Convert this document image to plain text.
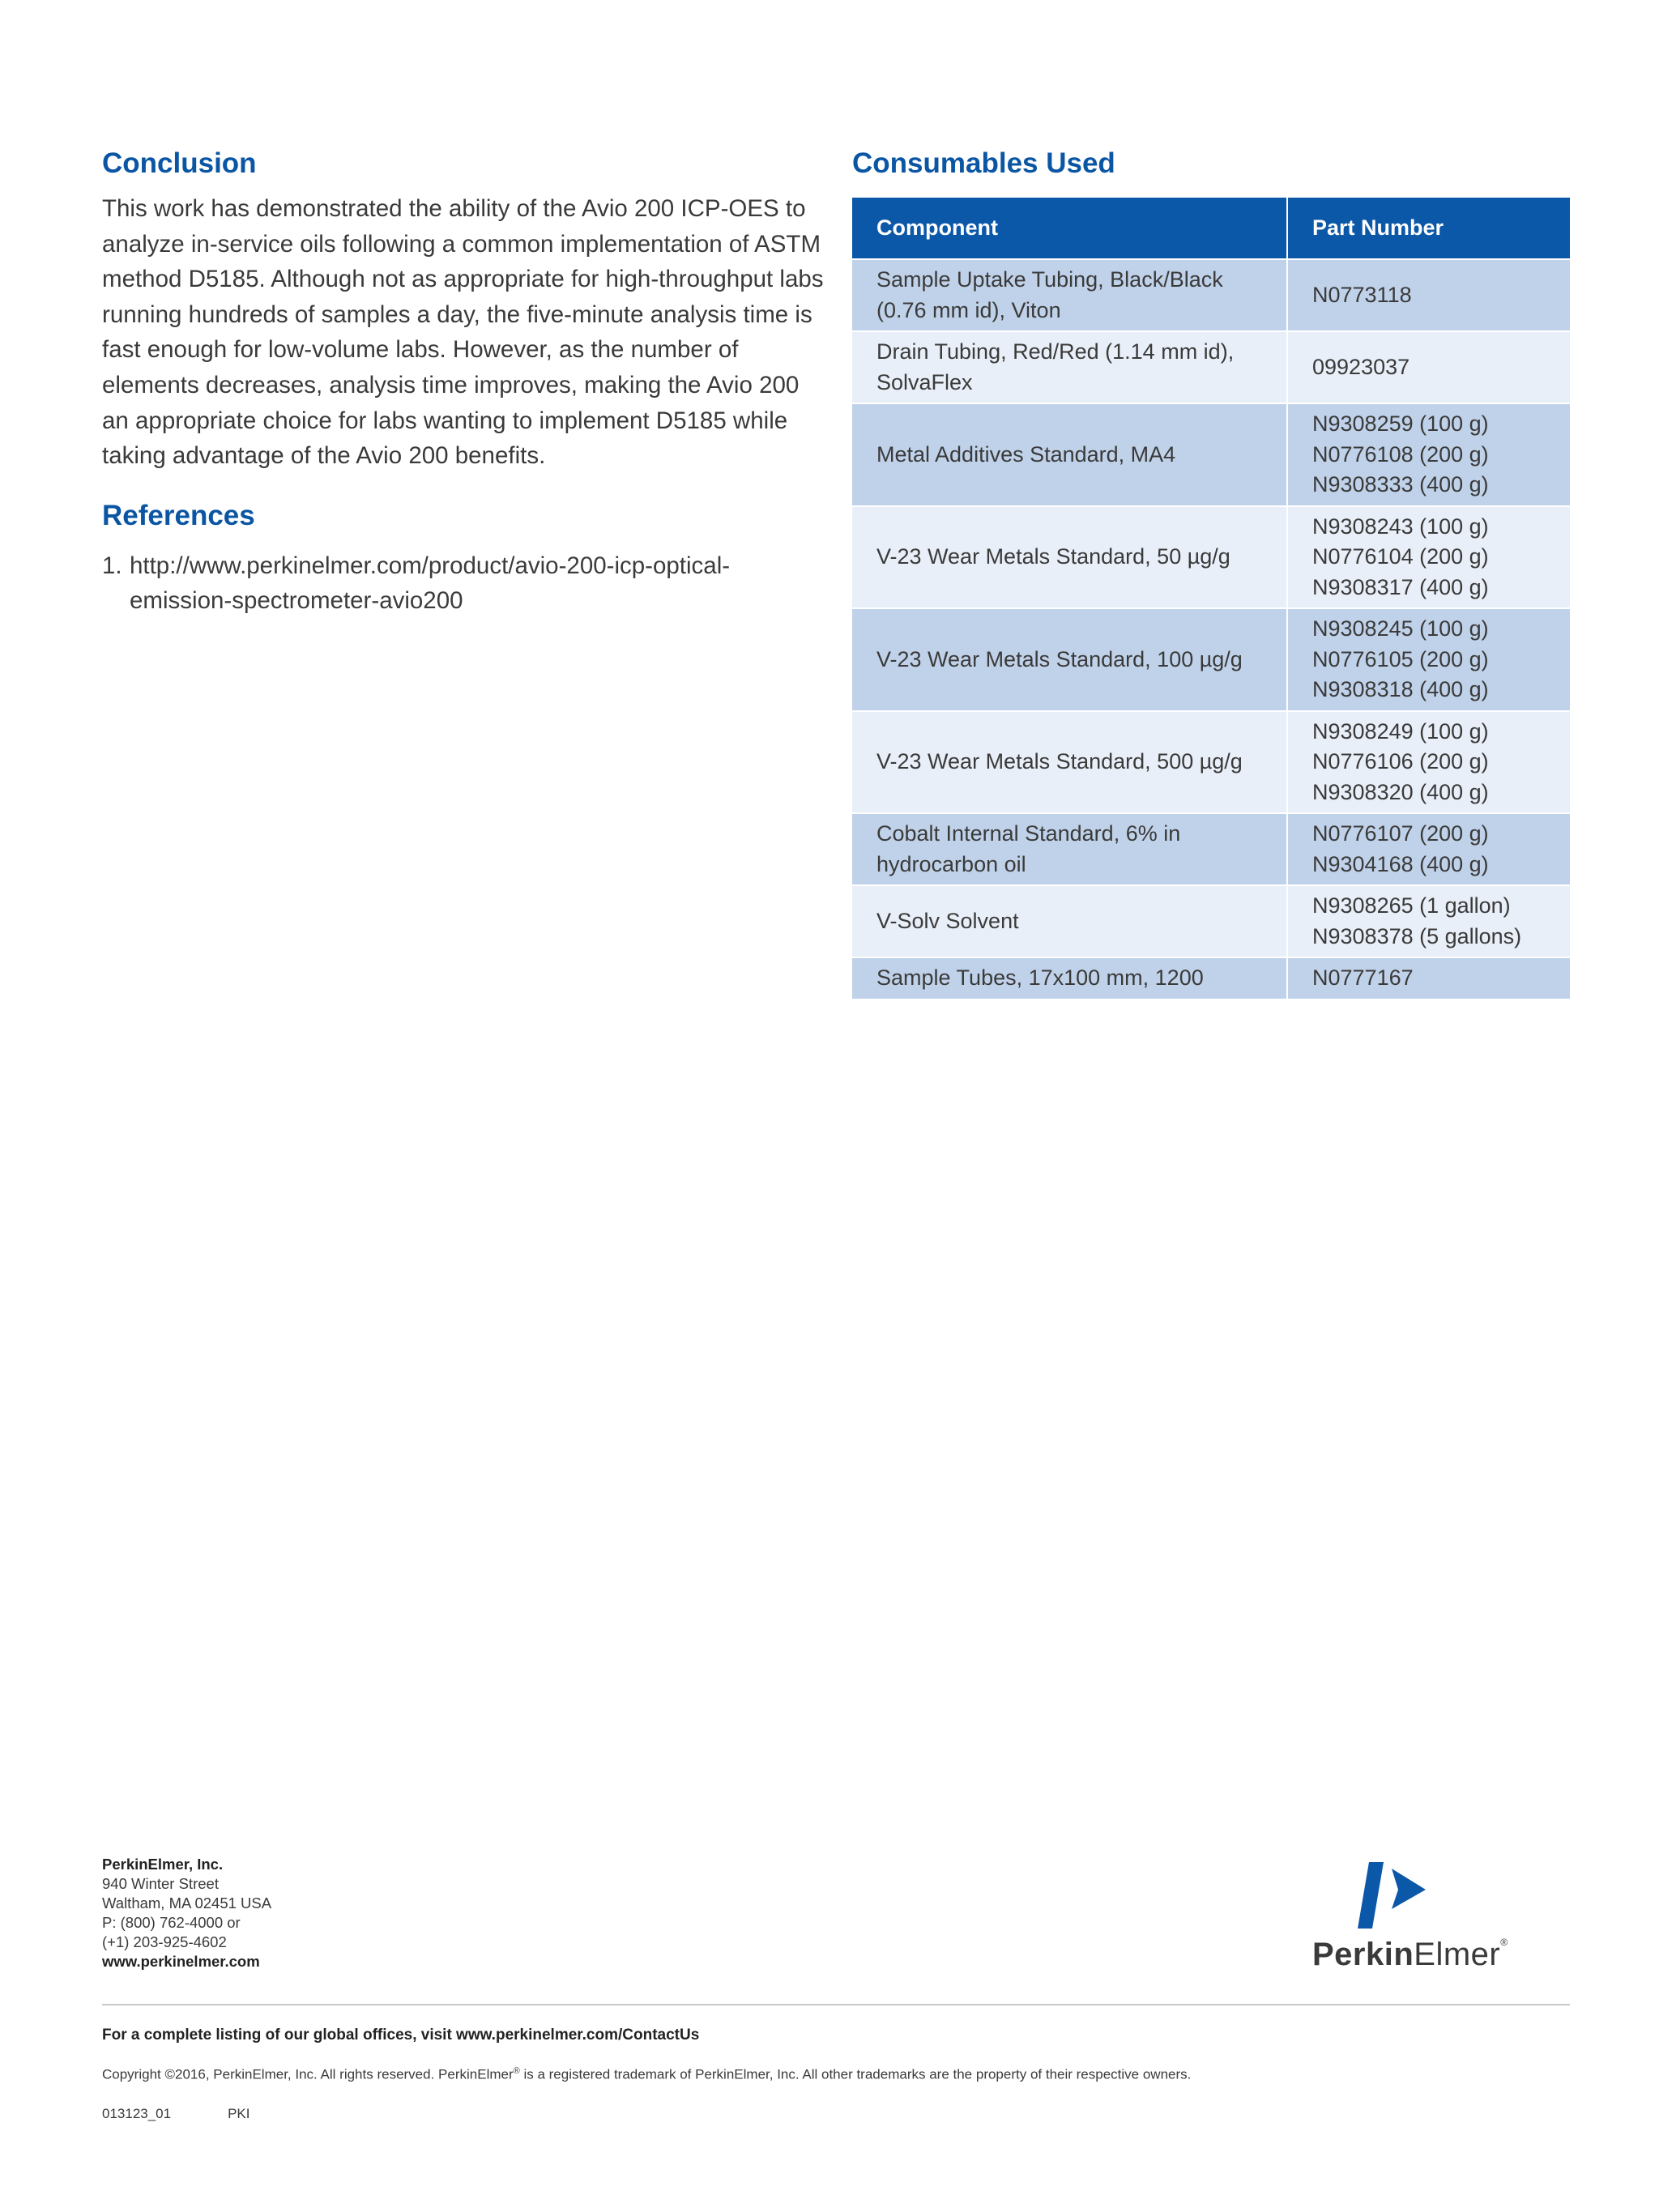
Conclusion

This work has demonstrated the ability of the Avio 200 ICP-OES to analyze in-service oils following a common implementation of ASTM method D5185. Although not as appropriate for high-throughput labs running hundreds of samples a day, the five-minute analysis time is fast enough for low-volume labs. However, as the number of elements decreases, analysis time improves, making the Avio 200 an appropriate choice for labs wanting to implement D5185 while taking advantage of the Avio 200 benefits.

References
1. http://www.perkinelmer.com/product/avio-200-icp-optical-emission-spectrometer-avio200
Consumables Used
Component	Part Number
Sample Uptake Tubing, Black/Black (0.76 mm id), Viton	N0773118

Drain Tubing, Red/Red (1.14 mm id), SolvaFlex	09923037

Metal Additives Standard, MA4	N9308259 (100 g)
N0776108 (200 g)
N9308333 (400 g)

V-23 Wear Metals Standard, 50 µg/g	N9308243 (100 g)
N0776104 (200 g)
N9308317 (400 g)

V-23 Wear Metals Standard, 100 µg/g	N9308245 (100 g)
N0776105 (200 g)
N9308318 (400 g)

V-23 Wear Metals Standard, 500 µg/g	N9308249 (100 g)
N0776106 (200 g)
N9308320 (400 g)

Cobalt Internal Standard, 6% in hydrocarbon oil	N0776107 (200 g)
N9304168 (400 g)

V-Solv Solvent	N9308265 (1 gallon)
N9308378 (5 gallons)

Sample Tubes, 17x100 mm, 1200	N0777167
PerkinElmer, Inc.
940 Winter Street
Waltham, MA 02451 USA
P: (800) 762-4000 or
(+1) 203-925-4602
www.perkinelmer.com	PerkinElmer®
For a complete listing of our global offices, visit www.perkinelmer.com/ContactUs
Copyright ©2016, PerkinElmer, Inc. All rights reserved. PerkinElmer® is a registered trademark of PerkinElmer, Inc. All other trademarks are the property of their respective owners.
013123_01	PKI
